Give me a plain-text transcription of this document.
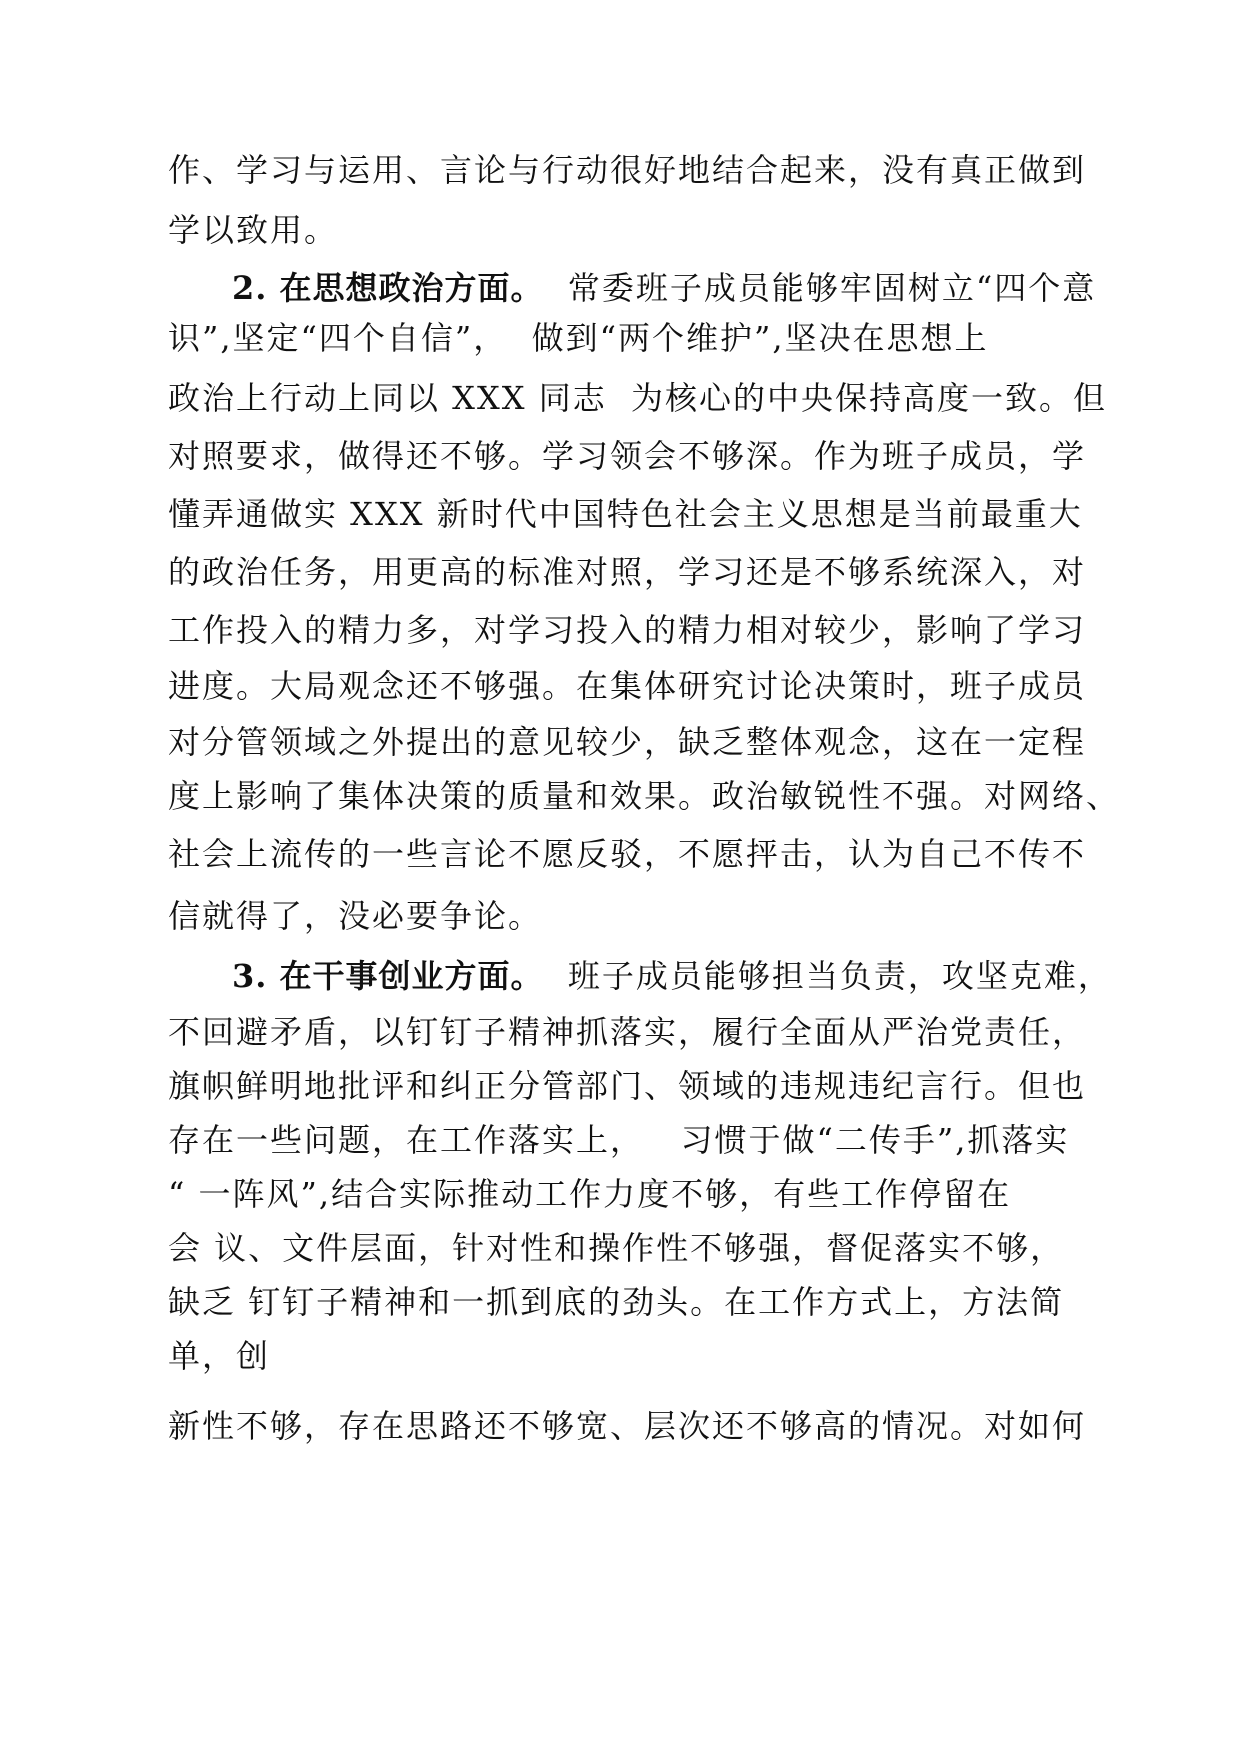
作、学习与运用、言论与行动很好地结合起来，没有真正做到
学以致用。
2. 在思想政治方面。  常委班子成员能够牢固树立“四个意
识”,坚定“四个自信”，  做到“两个维护”,坚决在思想上
政治上行动上同以 XXX 同志  为核心的中央保持高度一致。但
对照要求，做得还不够。学习领会不够深。作为班子成员，学
懂弄通做实 XXX 新时代中国特色社会主义思想是当前最重大
的政治任务，用更高的标准对照，学习还是不够系统深入，对
工作投入的精力多，对学习投入的精力相对较少，影响了学习
进度。大局观念还不够强。在集体研究讨论决策时，班子成员
对分管领域之外提出的意见较少，缺乏整体观念，这在一定程
度上影响了集体决策的质量和效果。政治敏锐性不强。对网络、
社会上流传的一些言论不愿反驳，不愿抨击，认为自己不传不
信就得了，没必要争论。
3. 在干事创业方面。  班子成员能够担当负责，攻坚克难，
不回避矛盾，以钉钉子精神抓落实，履行全面从严治党责任，
旗帜鲜明地批评和纠正分管部门、领域的违规违纪言行。但也
存在一些问题，在工作落实上，   习惯于做“二传手”,抓落实
“ 一阵风”,结合实际推动工作力度不够，有些工作停留在
会 议、文件层面，针对性和操作性不够强，督促落实不够，
缺乏 钉钉子精神和一抓到底的劲头。在工作方式上，方法简
单，创
新性不够，存在思路还不够宽、层次还不够高的情况。对如何
